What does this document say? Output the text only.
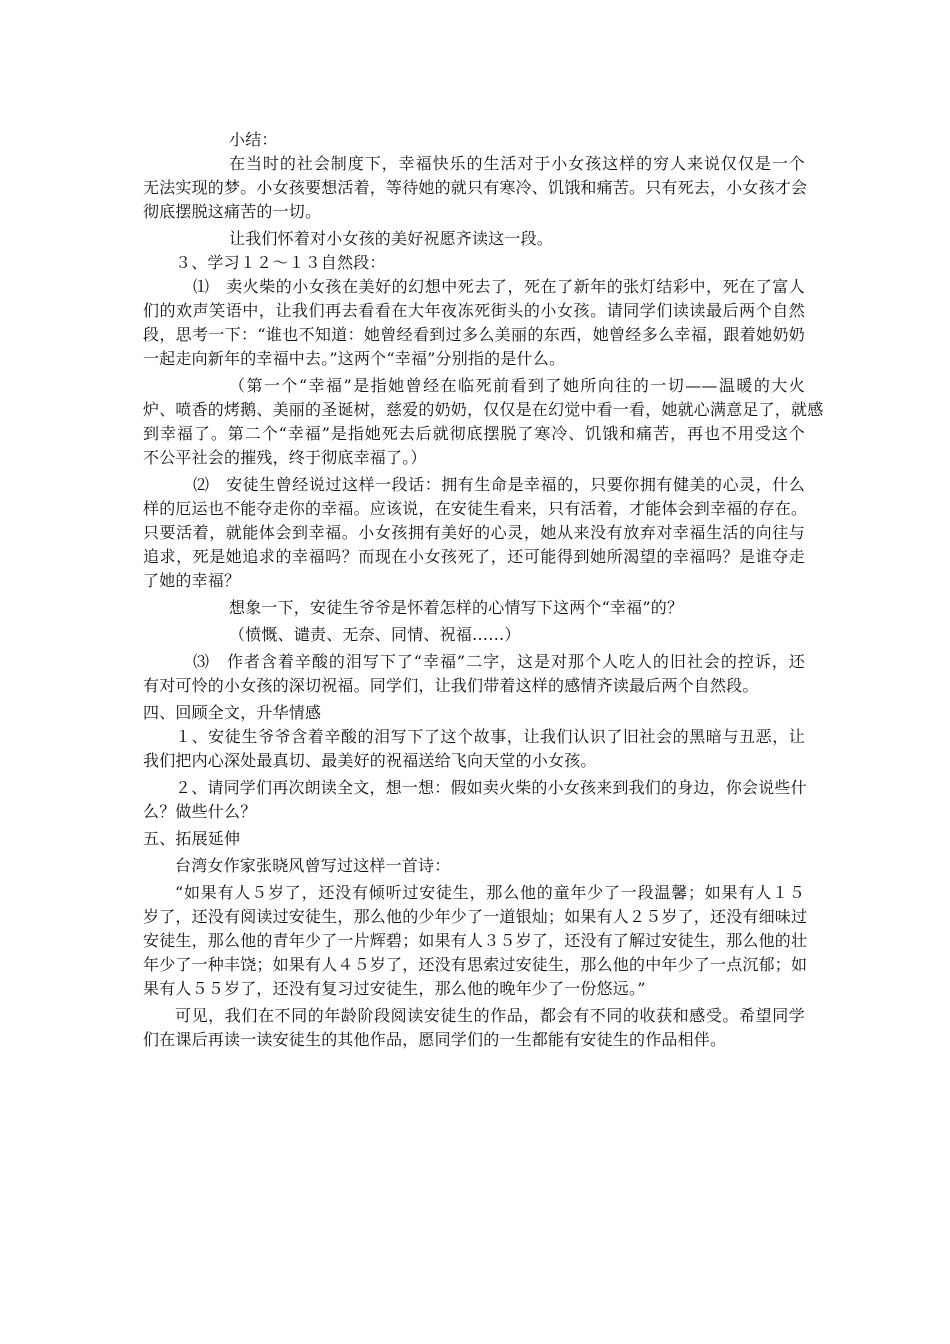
小结：
在当时的社会制度下，幸福快乐的生活对于小女孩这样的穷人来说仅仅是一个
无法实现的梦。小女孩要想活着，等待她的就只有寒冷、饥饿和痛苦。只有死去，小女孩才会
彻底摆脱这痛苦的一切。
让我们怀着对小女孩的美好祝愿齐读这一段。
３、学习１２～１３自然段：
⑴　卖火柴的小女孩在美好的幻想中死去了，死在了新年的张灯结彩中，死在了富人
们的欢声笑语中，让我们再去看看在大年夜冻死街头的小女孩。请同学们读读最后两个自然
段，思考一下：“谁也不知道：她曾经看到过多么美丽的东西，她曾经多么幸福，跟着她奶奶
一起走向新年的幸福中去。”这两个“幸福”分别指的是什么。
（第一个“幸福”是指她曾经在临死前看到了她所向往的一切——温暖的大火
炉、喷香的烤鹅、美丽的圣诞树，慈爱的奶奶，仅仅是在幻觉中看一看，她就心满意足了，就感
到幸福了。第二个“幸福”是指她死去后就彻底摆脱了寒冷、饥饿和痛苦，再也不用受这个
不公平社会的摧残，终于彻底幸福了。）
⑵　安徒生曾经说过这样一段话：拥有生命是幸福的，只要你拥有健美的心灵，什么
样的厄运也不能夺走你的幸福。应该说，在安徒生看来，只有活着，才能体会到幸福的存在。
只要活着，就能体会到幸福。小女孩拥有美好的心灵，她从来没有放弃对幸福生活的向往与
追求，死是她追求的幸福吗？而现在小女孩死了，还可能得到她所渴望的幸福吗？是谁夺走
了她的幸福？
想象一下，安徒生爷爷是怀着怎样的心情写下这两个“幸福”的？
（愤慨、谴责、无奈、同情、祝福……）
⑶　作者含着辛酸的泪写下了“幸福”二字，这是对那个人吃人的旧社会的控诉，还
有对可怜的小女孩的深切祝福。同学们，让我们带着这样的感情齐读最后两个自然段。
四、回顾全文，升华情感
１、安徒生爷爷含着辛酸的泪写下了这个故事，让我们认识了旧社会的黑暗与丑恶，让
我们把内心深处最真切、最美好的祝福送给飞向天堂的小女孩。
２、请同学们再次朗读全文，想一想：假如卖火柴的小女孩来到我们的身边，你会说些什
么？做些什么？
五、拓展延伸
台湾女作家张晓风曾写过这样一首诗：
“如果有人５岁了，还没有倾听过安徒生，那么他的童年少了一段温馨；如果有人１５
岁了，还没有阅读过安徒生，那么他的少年少了一道银灿；如果有人２５岁了，还没有细味过
安徒生，那么他的青年少了一片辉碧；如果有人３５岁了，还没有了解过安徒生，那么他的壮
年少了一种丰饶；如果有人４５岁了，还没有思索过安徒生，那么他的中年少了一点沉郁；如
果有人５５岁了，还没有复习过安徒生，那么他的晚年少了一份悠远。”
可见，我们在不同的年龄阶段阅读安徒生的作品，都会有不同的收获和感受。希望同学
们在课后再读一读安徒生的其他作品，愿同学们的一生都能有安徒生的作品相伴。
